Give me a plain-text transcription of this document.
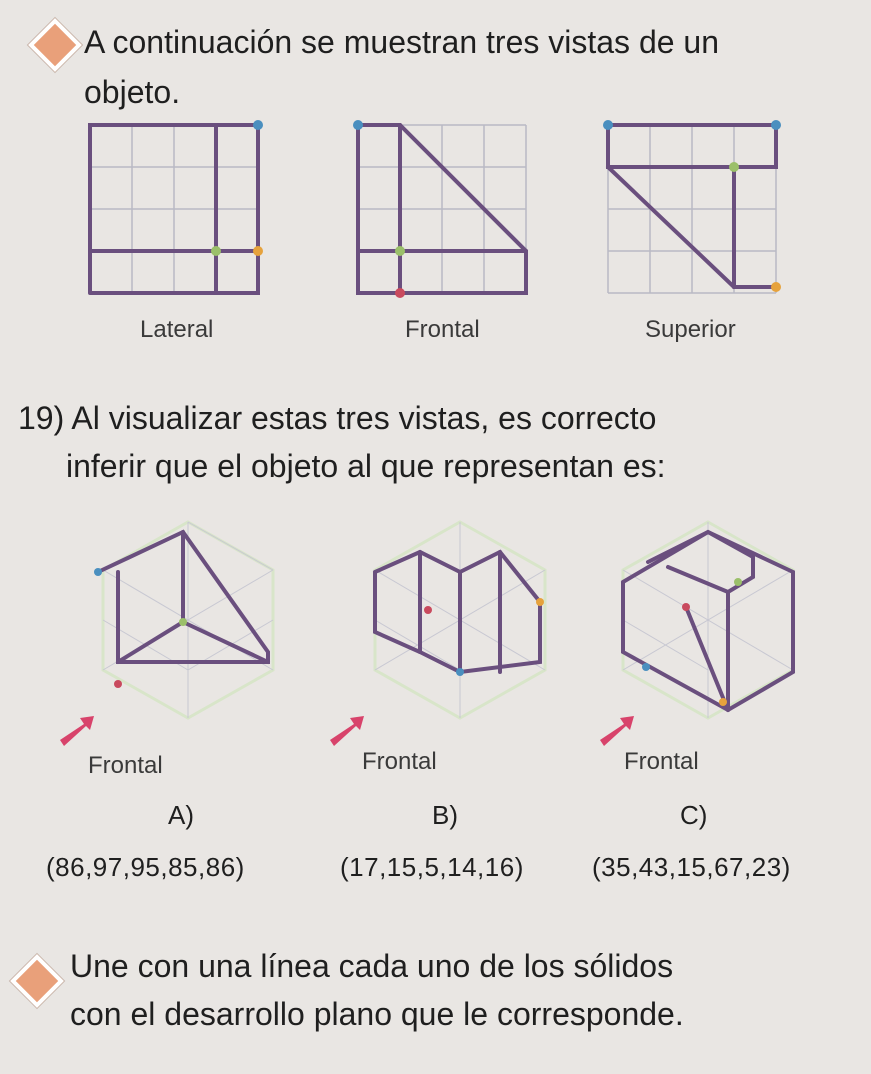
A continuación se muestran tres vistas de un
objeto.
Lateral	Frontal	Superior
19) Al visualizar estas tres vistas, es correcto
inferir que el objeto al que representan es:
Frontal	Frontal	Frontal
A)	B)	C)
(86,97,95,85,86)	(17,15,5,14,16)	(35,43,15,67,23)
Une con una línea cada uno de los sólidos
con el desarrollo plano que le corresponde.
